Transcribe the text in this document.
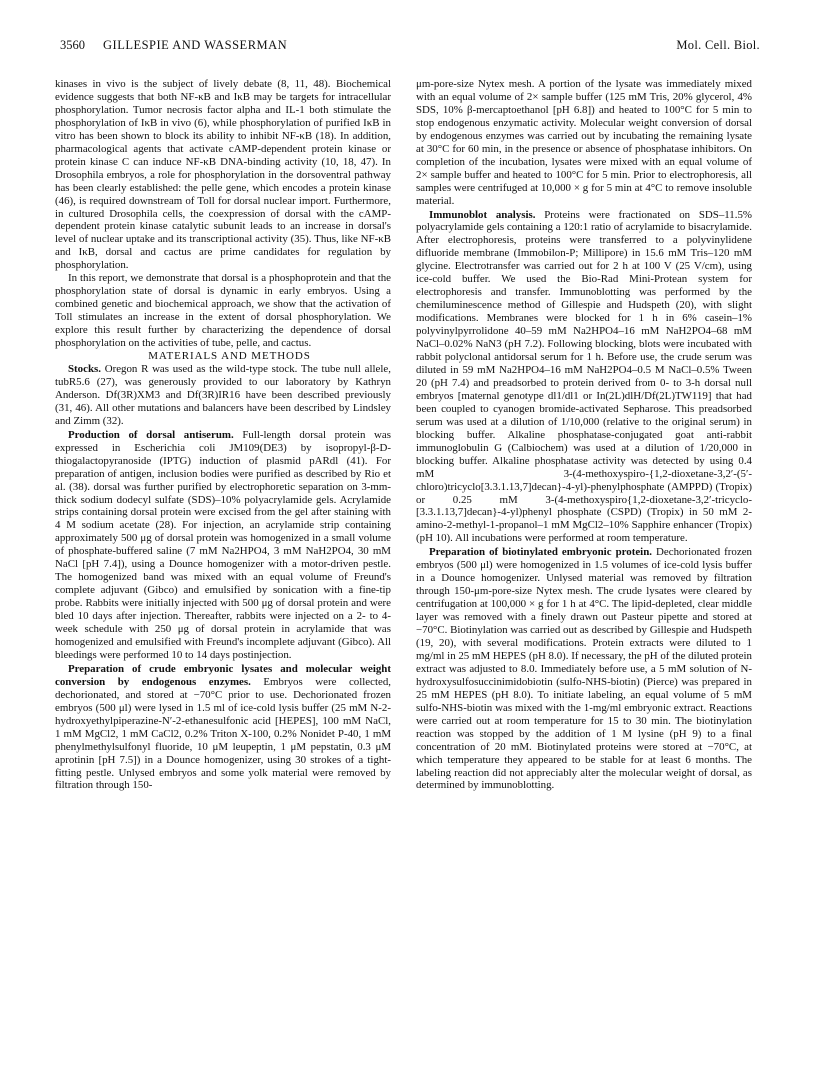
3560 GILLESPIE AND WASSERMAN	Mol. Cell. Biol.

kinases in vivo is the subject of lively debate (8, 11, 48). Biochemical evidence suggests that both NF-κB and IκB may be targets for intracellular phosphorylation. Tumor necrosis factor alpha and IL-1 both stimulate the phosphorylation of IκB in vivo (6), while phosphorylation of purified IκB in vitro has been shown to block its ability to inhibit NF-κB (18). In addition, pharmacological agents that activate cAMP-dependent protein kinase or protein kinase C can induce NF-κB DNA-binding activity (10, 18, 47). In Drosophila embryos, a role for phosphorylation in the dorsoventral pathway has been clearly established: the pelle gene, which encodes a protein kinase (46), is required downstream of Toll for dorsal nuclear import. Furthermore, in cultured Drosophila cells, the coexpression of dorsal with the cAMP-dependent protein kinase catalytic subunit leads to an increase in dorsal's level of nuclear uptake and its transcriptional activity (35). Thus, like NF-κB and IκB, dorsal and cactus are prime candidates for regulation by phosphorylation.

In this report, we demonstrate that dorsal is a phosphoprotein and that the phosphorylation state of dorsal is dynamic in early embryos. Using a combined genetic and biochemical approach, we show that the activation of Toll stimulates an increase in the extent of dorsal phosphorylation. We explore this result further by characterizing the dependence of dorsal phosphorylation on the activities of tube, pelle, and cactus.

MATERIALS AND METHODS

Stocks. Oregon R was used as the wild-type stock. The tube null allele, tubR5.6 (27), was generously provided to our laboratory by Kathryn Anderson. Df(3R)XM3 and Df(3R)IR16 have been described previously (31, 46). All other mutations and balancers have been described by Lindsley and Zimm (32).

Production of dorsal antiserum. Full-length dorsal protein was expressed in Escherichia coli JM109(DE3) by isopropyl-β-D-thiogalactopyranoside (IPTG) induction of plasmid pARdl (41). For preparation of antigen, inclusion bodies were purified as described by Rio et al. (38). dorsal was further purified by electrophoretic separation on 3-mm-thick sodium dodecyl sulfate (SDS)–10% polyacrylamide gels. Acrylamide strips containing dorsal protein were excised from the gel after staining with 4 M sodium acetate (28). For injection, an acrylamide strip containing approximately 500 μg of dorsal protein was homogenized in a small volume of phosphate-buffered saline (7 mM Na2HPO4, 3 mM NaH2PO4, 30 mM NaCl [pH 7.4]), using a Dounce homogenizer with a motor-driven pestle. The homogenized band was mixed with an equal volume of Freund's complete adjuvant (Gibco) and emulsified by sonication with a fine-tip probe. Rabbits were initially injected with 500 μg of dorsal protein and were bled 10 days after injection. Thereafter, rabbits were injected on a 2- to 4-week schedule with 250 μg of dorsal protein in acrylamide that was homogenized and emulsified with Freund's incomplete adjuvant (Gibco). All bleedings were performed 10 to 14 days postinjection.

Preparation of crude embryonic lysates and molecular weight conversion by endogenous enzymes. Embryos were collected, dechorionated, and stored at −70°C prior to use. Dechorionated frozen embryos (500 μl) were lysed in 1.5 ml of ice-cold lysis buffer (25 mM N-2-hydroxyethylpiperazine-N′-2-ethanesulfonic acid [HEPES], 100 mM NaCl, 1 mM MgCl2, 1 mM CaCl2, 0.2% Triton X-100, 0.2% Nonidet P-40, 1 mM phenylmethylsulfonyl fluoride, 10 μM leupeptin, 1 μM pepstatin, 0.3 μM aprotinin [pH 7.5]) in a Dounce homogenizer, using 30 strokes of a tight-fitting pestle. Unlysed embryos and some yolk material were removed by filtration through 150-

μm-pore-size Nytex mesh. A portion of the lysate was immediately mixed with an equal volume of 2× sample buffer (125 mM Tris, 20% glycerol, 4% SDS, 10% β-mercaptoethanol [pH 6.8]) and heated to 100°C for 5 min to stop endogenous enzymatic activity. Molecular weight conversion of dorsal by endogenous enzymes was carried out by incubating the remaining lysate at 30°C for 60 min, in the presence or absence of phosphatase inhibitors. On completion of the incubation, lysates were mixed with an equal volume of 2× sample buffer and heated to 100°C for 5 min. Prior to electrophoresis, all samples were centrifuged at 10,000 × g for 5 min at 4°C to remove insoluble material.

Immunoblot analysis. Proteins were fractionated on SDS–11.5% polyacrylamide gels containing a 120:1 ratio of acrylamide to bisacrylamide. After electrophoresis, proteins were transferred to a polyvinylidene difluoride membrane (Immobilon-P; Millipore) in 15.6 mM Tris–120 mM glycine. Electrotransfer was carried out for 2 h at 100 V (25 V/cm), using ice-cold buffer. We used the Bio-Rad Mini-Protean system for electrophoresis and transfer. Immunoblotting was performed by the chemiluminescence method of Gillespie and Hudspeth (20), with slight modifications. Membranes were blocked for 1 h in 6% casein–1% polyvinylpyrrolidone 40–59 mM Na2HPO4–16 mM NaH2PO4–68 mM NaCl–0.02% NaN3 (pH 7.2). Following blocking, blots were incubated with rabbit polyclonal antidorsal serum for 1 h. Before use, the crude serum was diluted in 59 mM Na2HPO4–16 mM NaH2PO4–0.5 M NaCl–0.5% Tween 20 (pH 7.4) and preadsorbed to protein derived from 0- to 3-h dorsal null embryos [maternal genotype dl1/dl1 or In(2L)dlH/Df(2L)TW119] that had been coupled to cyanogen bromide-activated Sepharose. This preadsorbed serum was used at a dilution of 1/10,000 (relative to the original serum) in blocking buffer. Alkaline phosphatase-conjugated goat anti-rabbit immunoglobulin G (Calbiochem) was used at a dilution of 1/20,000 in blocking buffer. Alkaline phosphatase activity was detected by using 0.4 mM 3-(4-methoxyspiro-{1,2-dioxetane-3,2′-(5′-chloro)tricyclo[3.3.1.13,7]decan}-4-yl)-phenylphosphate (AMPPD) (Tropix) or 0.25 mM 3-(4-methoxyspiro{1,2-dioxetane-3,2′-tricyclo-[3.3.1.13,7]decan}-4-yl)phenyl phosphate (CSPD) (Tropix) in 50 mM 2-amino-2-methyl-1-propanol–1 mM MgCl2–10% Sapphire enhancer (Tropix) (pH 10). All incubations were performed at room temperature.

Preparation of biotinylated embryonic protein. Dechorionated frozen embryos (500 μl) were homogenized in 1.5 volumes of ice-cold lysis buffer in a Dounce homogenizer. Unlysed material was removed by filtration through 150-μm-pore-size Nytex mesh. The crude lysates were cleared by centrifugation at 100,000 × g for 1 h at 4°C. The lipid-depleted, clear middle layer was removed with a finely drawn out Pasteur pipette and stored at −70°C. Biotinylation was carried out as described by Gillespie and Hudspeth (19, 20), with several modifications. Protein extracts were diluted to 1 mg/ml in 25 mM HEPES (pH 8.0). If necessary, the pH of the diluted protein extract was adjusted to 8.0. Immediately before use, a 5 mM solution of N-hydroxysulfosuccinimidobiotin (sulfo-NHS-biotin) (Pierce) was prepared in 25 mM HEPES (pH 8.0). To initiate labeling, an equal volume of 5 mM sulfo-NHS-biotin was mixed with the 1-mg/ml embryonic extract. Reactions were carried out at room temperature for 15 to 30 min. The biotinylation reaction was stopped by the addition of 1 M lysine (pH 9) to a final concentration of 20 mM. Biotinylated proteins were stored at −70°C, at which temperature they appeared to be stable for at least 6 months. The labeling reaction did not appreciably alter the molecular weight of dorsal, as determined by immunoblotting.
